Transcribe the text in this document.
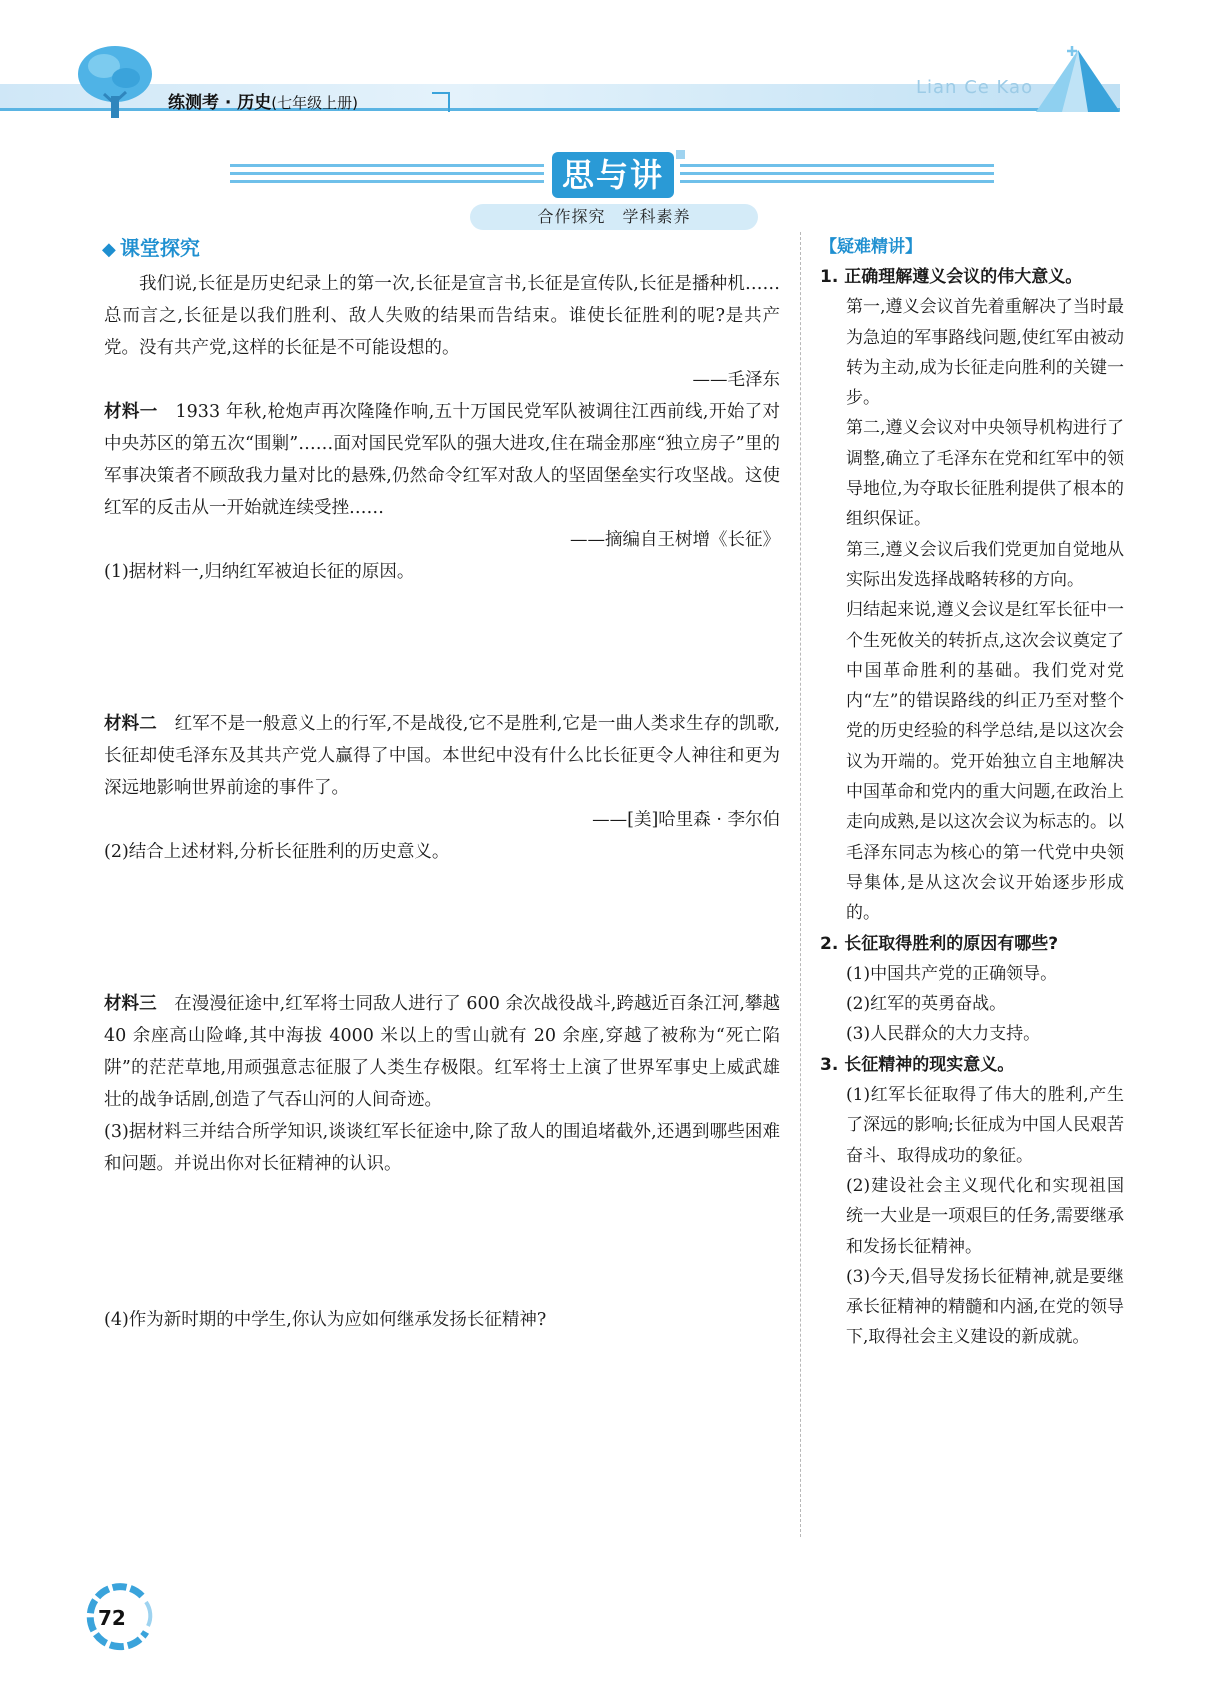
练测考 · 历史(七年级上册)
Lian Ce Kao
思与讲
合作探究　学科素养
◆ 课堂探究

我们说,长征是历史纪录上的第一次,长征是宣言书,长征是宣传队,长征是播种机……总而言之,长征是以我们胜利、敌人失败的结果而告结束。谁使长征胜利的呢?是共产党。没有共产党,这样的长征是不可能设想的。

——毛泽东

材料一　1933 年秋,枪炮声再次隆隆作响,五十万国民党军队被调往江西前线,开始了对中央苏区的第五次“围剿”……面对国民党军队的强大进攻,住在瑞金那座“独立房子”里的军事决策者不顾敌我力量对比的悬殊,仍然命令红军对敌人的坚固堡垒实行攻坚战。这使红军的反击从一开始就连续受挫……

——摘编自王树增《长征》

(1)据材料一,归纳红军被迫长征的原因。

材料二　红军不是一般意义上的行军,不是战役,它不是胜利,它是一曲人类求生存的凯歌,长征却使毛泽东及其共产党人赢得了中国。本世纪中没有什么比长征更令人神往和更为深远地影响世界前途的事件了。

——[美]哈里森 · 李尔伯

(2)结合上述材料,分析长征胜利的历史意义。

材料三　在漫漫征途中,红军将士同敌人进行了 600 余次战役战斗,跨越近百条江河,攀越 40 余座高山险峰,其中海拔 4000 米以上的雪山就有 20 余座,穿越了被称为“死亡陷阱”的茫茫草地,用顽强意志征服了人类生存极限。红军将士上演了世界军事史上威武雄壮的战争话剧,创造了气吞山河的人间奇迹。

(3)据材料三并结合所学知识,谈谈红军长征途中,除了敌人的围追堵截外,还遇到哪些困难和问题。并说出你对长征精神的认识。

(4)作为新时期的中学生,你认为应如何继承发扬长征精神?

【疑难精讲】
1. 正确理解遵义会议的伟大意义。

第一,遵义会议首先着重解决了当时最为急迫的军事路线问题,使红军由被动转为主动,成为长征走向胜利的关键一步。

第二,遵义会议对中央领导机构进行了调整,确立了毛泽东在党和红军中的领导地位,为夺取长征胜利提供了根本的组织保证。

第三,遵义会议后我们党更加自觉地从实际出发选择战略转移的方向。

归结起来说,遵义会议是红军长征中一个生死攸关的转折点,这次会议奠定了中国革命胜利的基础。我们党对党内“左”的错误路线的纠正乃至对整个党的历史经验的科学总结,是以这次会议为开端的。党开始独立自主地解决中国革命和党内的重大问题,在政治上走向成熟,是以这次会议为标志的。以毛泽东同志为核心的第一代党中央领导集体,是从这次会议开始逐步形成的。

2. 长征取得胜利的原因有哪些?

(1)中国共产党的正确领导。

(2)红军的英勇奋战。

(3)人民群众的大力支持。

3. 长征精神的现实意义。

(1)红军长征取得了伟大的胜利,产生了深远的影响;长征成为中国人民艰苦奋斗、取得成功的象征。

(2)建设社会主义现代化和实现祖国统一大业是一项艰巨的任务,需要继承和发扬长征精神。

(3)今天,倡导发扬长征精神,就是要继承长征精神的精髓和内涵,在党的领导下,取得社会主义建设的新成就。

72
